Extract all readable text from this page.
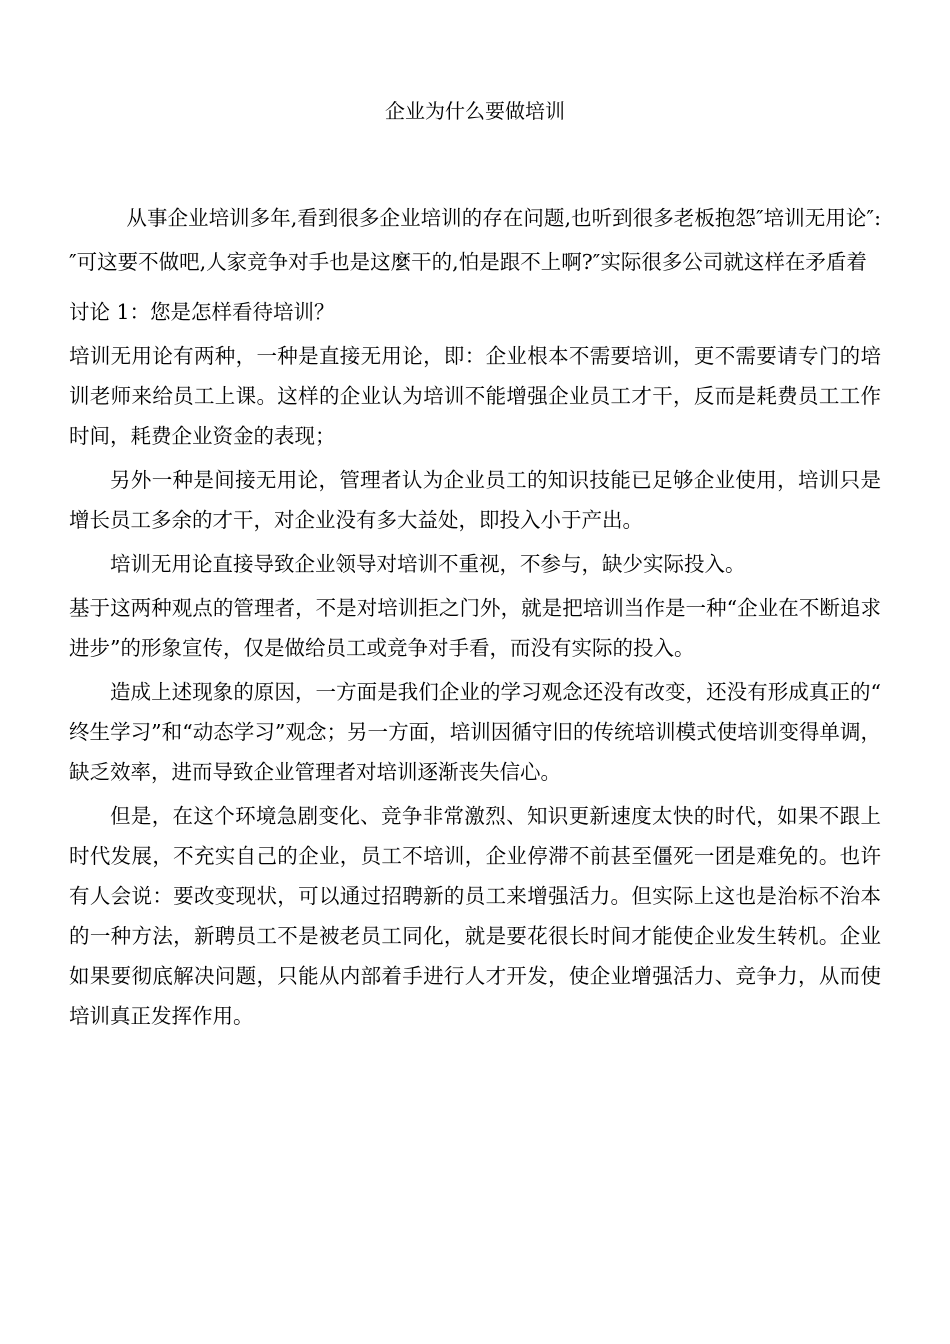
企业为什么要做培训

从事企业培训多年,看到很多企业培训的存在问题,也听到很多老板抱怨″培训无用论″:″可这要不做吧,人家竞争对手也是这麼干的,怕是跟不上啊?″实际很多公司就这样在矛盾着

讨论 1：您是怎样看待培训？

培训无用论有两种，一种是直接无用论，即：企业根本不需要培训，更不需要请专门的培训老师来给员工上课。这样的企业认为培训不能增强企业员工才干，反而是耗费员工工作时间，耗费企业资金的表现；

另外一种是间接无用论，管理者认为企业员工的知识技能已足够企业使用，培训只是增长员工多余的才干，对企业没有多大益处，即投入小于产出。

培训无用论直接导致企业领导对培训不重视，不参与，缺少实际投入。

基于这两种观点的管理者，不是对培训拒之门外，就是把培训当作是一种“企业在不断追求进步”的形象宣传，仅是做给员工或竞争对手看，而没有实际的投入。

造成上述现象的原因，一方面是我们企业的学习观念还没有改变，还没有形成真正的“终生学习”和“动态学习”观念；另一方面，培训因循守旧的传统培训模式使培训变得单调，缺乏效率，进而导致企业管理者对培训逐渐丧失信心。

但是，在这个环境急剧变化、竞争非常激烈、知识更新速度太快的时代，如果不跟上时代发展，不充实自己的企业，员工不培训，企业停滞不前甚至僵死一团是难免的。也许有人会说：要改变现状，可以通过招聘新的员工来增强活力。但实际上这也是治标不治本的一种方法，新聘员工不是被老员工同化，就是要花很长时间才能使企业发生转机。企业如果要彻底解决问题，只能从内部着手进行人才开发，使企业增强活力、竞争力，从而使培训真正发挥作用。
